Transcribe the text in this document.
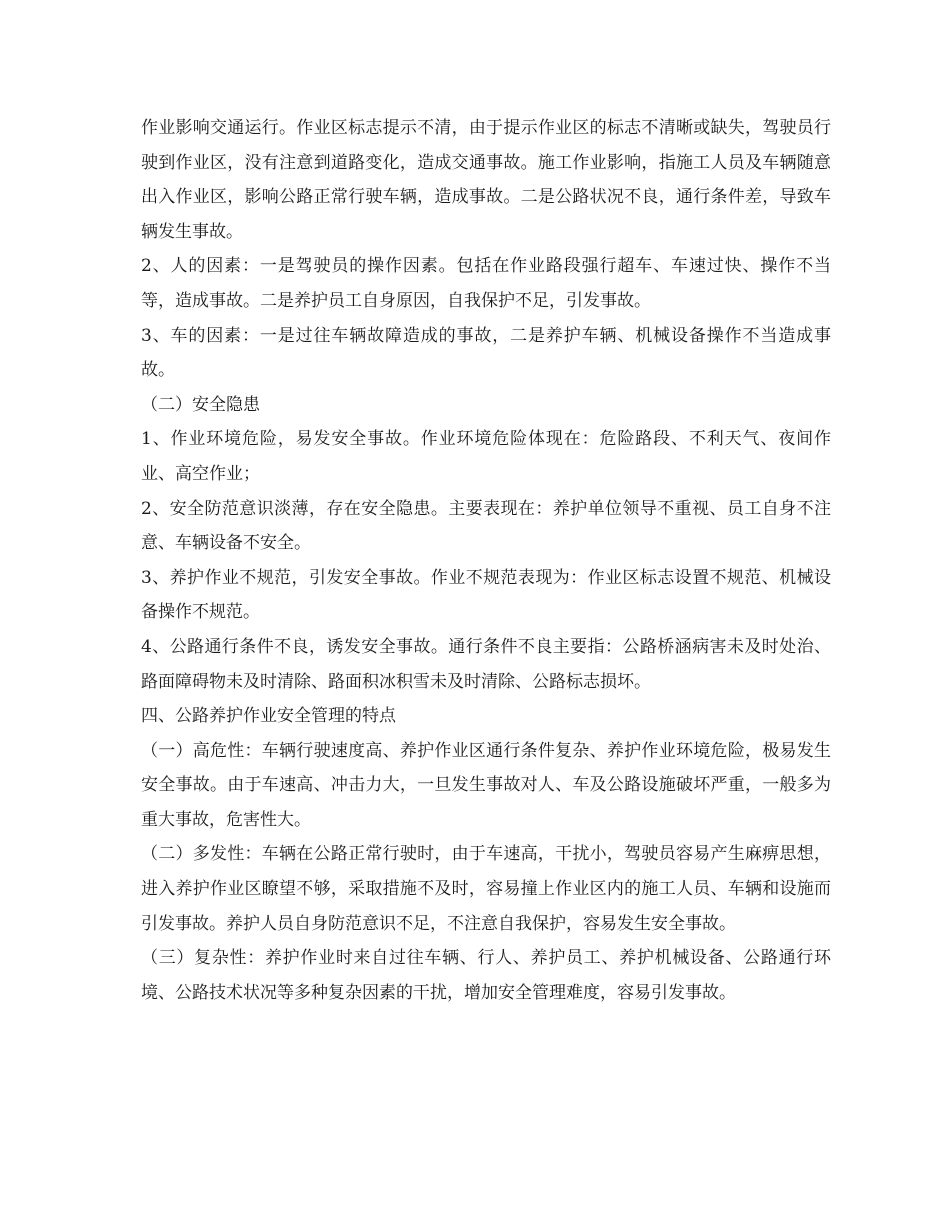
作业影响交通运行。作业区标志提示不清，由于提示作业区的标志不清晰或缺失，驾驶员行驶到作业区，没有注意到道路变化，造成交通事故。施工作业影响，指施工人员及车辆随意出入作业区，影响公路正常行驶车辆，造成事故。二是公路状况不良，通行条件差，导致车辆发生事故。

2、人的因素：一是驾驶员的操作因素。包括在作业路段强行超车、车速过快、操作不当等，造成事故。二是养护员工自身原因，自我保护不足，引发事故。

3、车的因素：一是过往车辆故障造成的事故，二是养护车辆、机械设备操作不当造成事故。

（二）安全隐患

1、作业环境危险，易发安全事故。作业环境危险体现在：危险路段、不利天气、夜间作业、高空作业；

2、安全防范意识淡薄，存在安全隐患。主要表现在：养护单位领导不重视、员工自身不注意、车辆设备不安全。

3、养护作业不规范，引发安全事故。作业不规范表现为：作业区标志设置不规范、机械设备操作不规范。

4、公路通行条件不良，诱发安全事故。通行条件不良主要指：公路桥涵病害未及时处治、路面障碍物未及时清除、路面积冰积雪未及时清除、公路标志损坏。

四、公路养护作业安全管理的特点

（一）高危性：车辆行驶速度高、养护作业区通行条件复杂、养护作业环境危险，极易发生安全事故。由于车速高、冲击力大，一旦发生事故对人、车及公路设施破坏严重，一般多为重大事故，危害性大。

（二）多发性：车辆在公路正常行驶时，由于车速高，干扰小，驾驶员容易产生麻痹思想，进入养护作业区瞭望不够，采取措施不及时，容易撞上作业区内的施工人员、车辆和设施而引发事故。养护人员自身防范意识不足，不注意自我保护，容易发生安全事故。

（三）复杂性：养护作业时来自过往车辆、行人、养护员工、养护机械设备、公路通行环境、公路技术状况等多种复杂因素的干扰，增加安全管理难度，容易引发事故。
